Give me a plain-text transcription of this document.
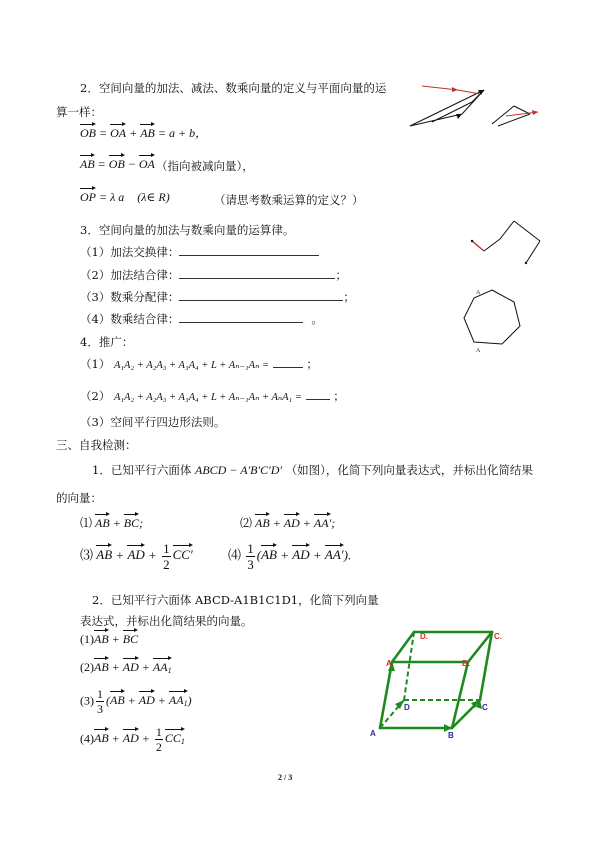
2．空间向量的加法、减法、数乘向量的定义与平面向量的运
算一样：
OB = OA + AB = a + b，
AB = OB − OA （指向被减向量），
OP = λ a (λ∈ R)	（请思考数乘运算的定义？）
3．空间向量的加法与数乘向量的运算律。
（1）加法交换律：
（2）加法结合律：	；
（3）数乘分配律：	；
（4）数乘结合律：	。
A
A
4．推广：
（1） A₁A₂ + A₂A₃ + A₃A₄ + L + Aₙ₋₁Aₙ =	；
（2） A₁A₂ + A₂A₃ + A₃A₄ + L + Aₙ₋₁Aₙ + AₙA₁ =	；
（3）空间平行四边形法则。
三、自我检测：
1．已知平行六面体 ABCD − A′B′C′D′ （如图），化简下列向量表达式，并标出化简结果
的向量：
⑴ AB + BC;	⑵ AB + AD + AA′;
⑶ AB + AD + $\frac{1}{2} CC'$	⑷ $\frac{1}{3} (AB$ + AD + AA′).
2．已知平行六面体 ABCD-A1B1C1D1，化简下列向量
表达式，并标出化简结果的向量。
(1)AB + BC
(2)AB + AD + $AA_1$
$(3) \frac{1}{3} (AB$ + AD + $AA_1$)
(4)AB + AD + $\frac{1}{2} CC_1$
D.	C.
A.	B.
D	C
A	B
2 / 3
